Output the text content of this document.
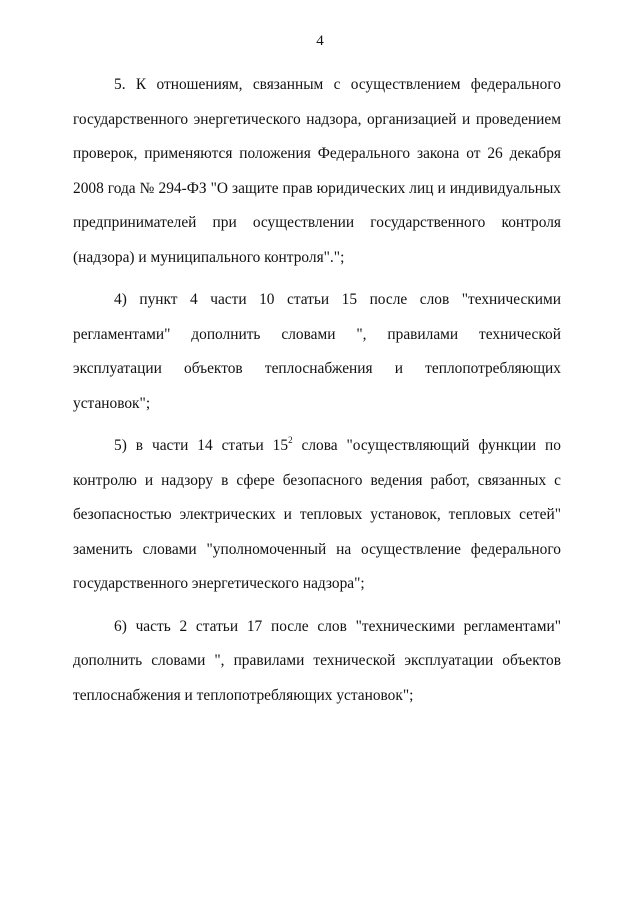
4

5. К отношениям, связанным с осуществлением федерального государственного энергетического надзора, организацией и проведением проверок, применяются положения Федерального закона от 26 декабря 2008 года № 294-ФЗ "О защите прав юридических лиц и индивидуальных предпринимателей при осуществлении государственного контроля (надзора) и муниципального контроля".";

4) пункт 4 части 10 статьи 15 после слов "техническими регламентами" дополнить словами ", правилами технической эксплуатации объектов теплоснабжения и теплопотребляющих установок";

5) в части 14 статьи $15^2$ слова "осуществляющий функции по контролю и надзору в сфере безопасного ведения работ, связанных с безопасностью электрических и тепловых установок, тепловых сетей" заменить словами "уполномоченный на осуществление федерального государственного энергетического надзора";

6) часть 2 статьи 17 после слов "техническими регламентами" дополнить словами ", правилами технической эксплуатации объектов теплоснабжения и теплопотребляющих установок";
